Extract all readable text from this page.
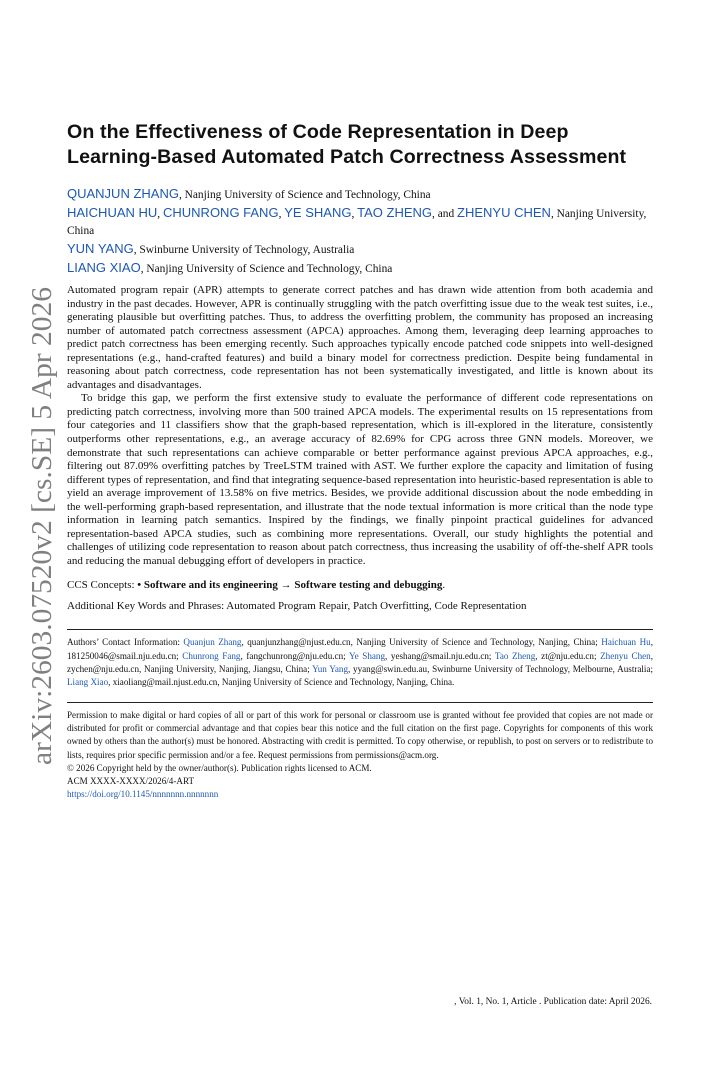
arXiv:2603.07520v2 [cs.SE] 5 Apr 2026
On the Effectiveness of Code Representation in Deep Learning-Based Automated Patch Correctness Assessment
QUANJUN ZHANG, Nanjing University of Science and Technology, China
HAICHUAN HU, CHUNRONG FANG, YE SHANG, TAO ZHENG, and ZHENYU CHEN, Nanjing University, China
YUN YANG, Swinburne University of Technology, Australia
LIANG XIAO, Nanjing University of Science and Technology, China

Automated program repair (APR) attempts to generate correct patches and has drawn wide attention from both academia and industry in the past decades. However, APR is continually struggling with the patch overfitting issue due to the weak test suites, i.e., generating plausible but overfitting patches. Thus, to address the overfitting problem, the community has proposed an increasing number of automated patch correctness assessment (APCA) approaches. Among them, leveraging deep learning approaches to predict patch correctness has been emerging recently. Such approaches typically encode patched code snippets into well-designed representations (e.g., hand-crafted features) and build a binary model for correctness prediction. Despite being fundamental in reasoning about patch correctness, code representation has not been systematically investigated, and little is known about its advantages and disadvantages.

To bridge this gap, we perform the first extensive study to evaluate the performance of different code representations on predicting patch correctness, involving more than 500 trained APCA models. The experimental results on 15 representations from four categories and 11 classifiers show that the graph-based representation, which is ill-explored in the literature, consistently outperforms other representations, e.g., an average accuracy of 82.69% for CPG across three GNN models. Moreover, we demonstrate that such representations can achieve comparable or better performance against previous APCA approaches, e.g., filtering out 87.09% overfitting patches by TreeLSTM trained with AST. We further explore the capacity and limitation of fusing different types of representation, and find that integrating sequence-based representation into heuristic-based representation is able to yield an average improvement of 13.58% on five metrics. Besides, we provide additional discussion about the node embedding in the well-performing graph-based representation, and illustrate that the node textual information is more critical than the node type information in learning patch semantics. Inspired by the findings, we finally pinpoint practical guidelines for advanced representation-based APCA studies, such as combining more representations. Overall, our study highlights the potential and challenges of utilizing code representation to reason about patch correctness, thus increasing the usability of off-the-shelf APR tools and reducing the manual debugging effort of developers in practice.

CCS Concepts: • Software and its engineering → Software testing and debugging.
Additional Key Words and Phrases: Automated Program Repair, Patch Overfitting, Code Representation
Authors’ Contact Information: Quanjun Zhang, quanjunzhang@njust.edu.cn, Nanjing University of Science and Technology, Nanjing, China; Haichuan Hu, 181250046@smail.nju.edu.cn; Chunrong Fang, fangchunrong@nju.edu.cn; Ye Shang, yeshang@smail.nju.edu.cn; Tao Zheng, zt@nju.edu.cn; Zhenyu Chen, zychen@nju.edu.cn, Nanjing University, Nanjing, Jiangsu, China; Yun Yang, yyang@swin.edu.au, Swinburne University of Technology, Melbourne, Australia; Liang Xiao, xiaoliang@mail.njust.edu.cn, Nanjing University of Science and Technology, Nanjing, China.
Permission to make digital or hard copies of all or part of this work for personal or classroom use is granted without fee provided that copies are not made or distributed for profit or commercial advantage and that copies bear this notice and the full citation on the first page. Copyrights for components of this work owned by others than the author(s) must be honored. Abstracting with credit is permitted. To copy otherwise, or republish, to post on servers or to redistribute to lists, requires prior specific permission and/or a fee. Request permissions from permissions@acm.org.
© 2026 Copyright held by the owner/author(s). Publication rights licensed to ACM.
ACM XXXX-XXXX/2026/4-ART
https://doi.org/10.1145/nnnnnnn.nnnnnnn
, Vol. 1, No. 1, Article . Publication date: April 2026.
